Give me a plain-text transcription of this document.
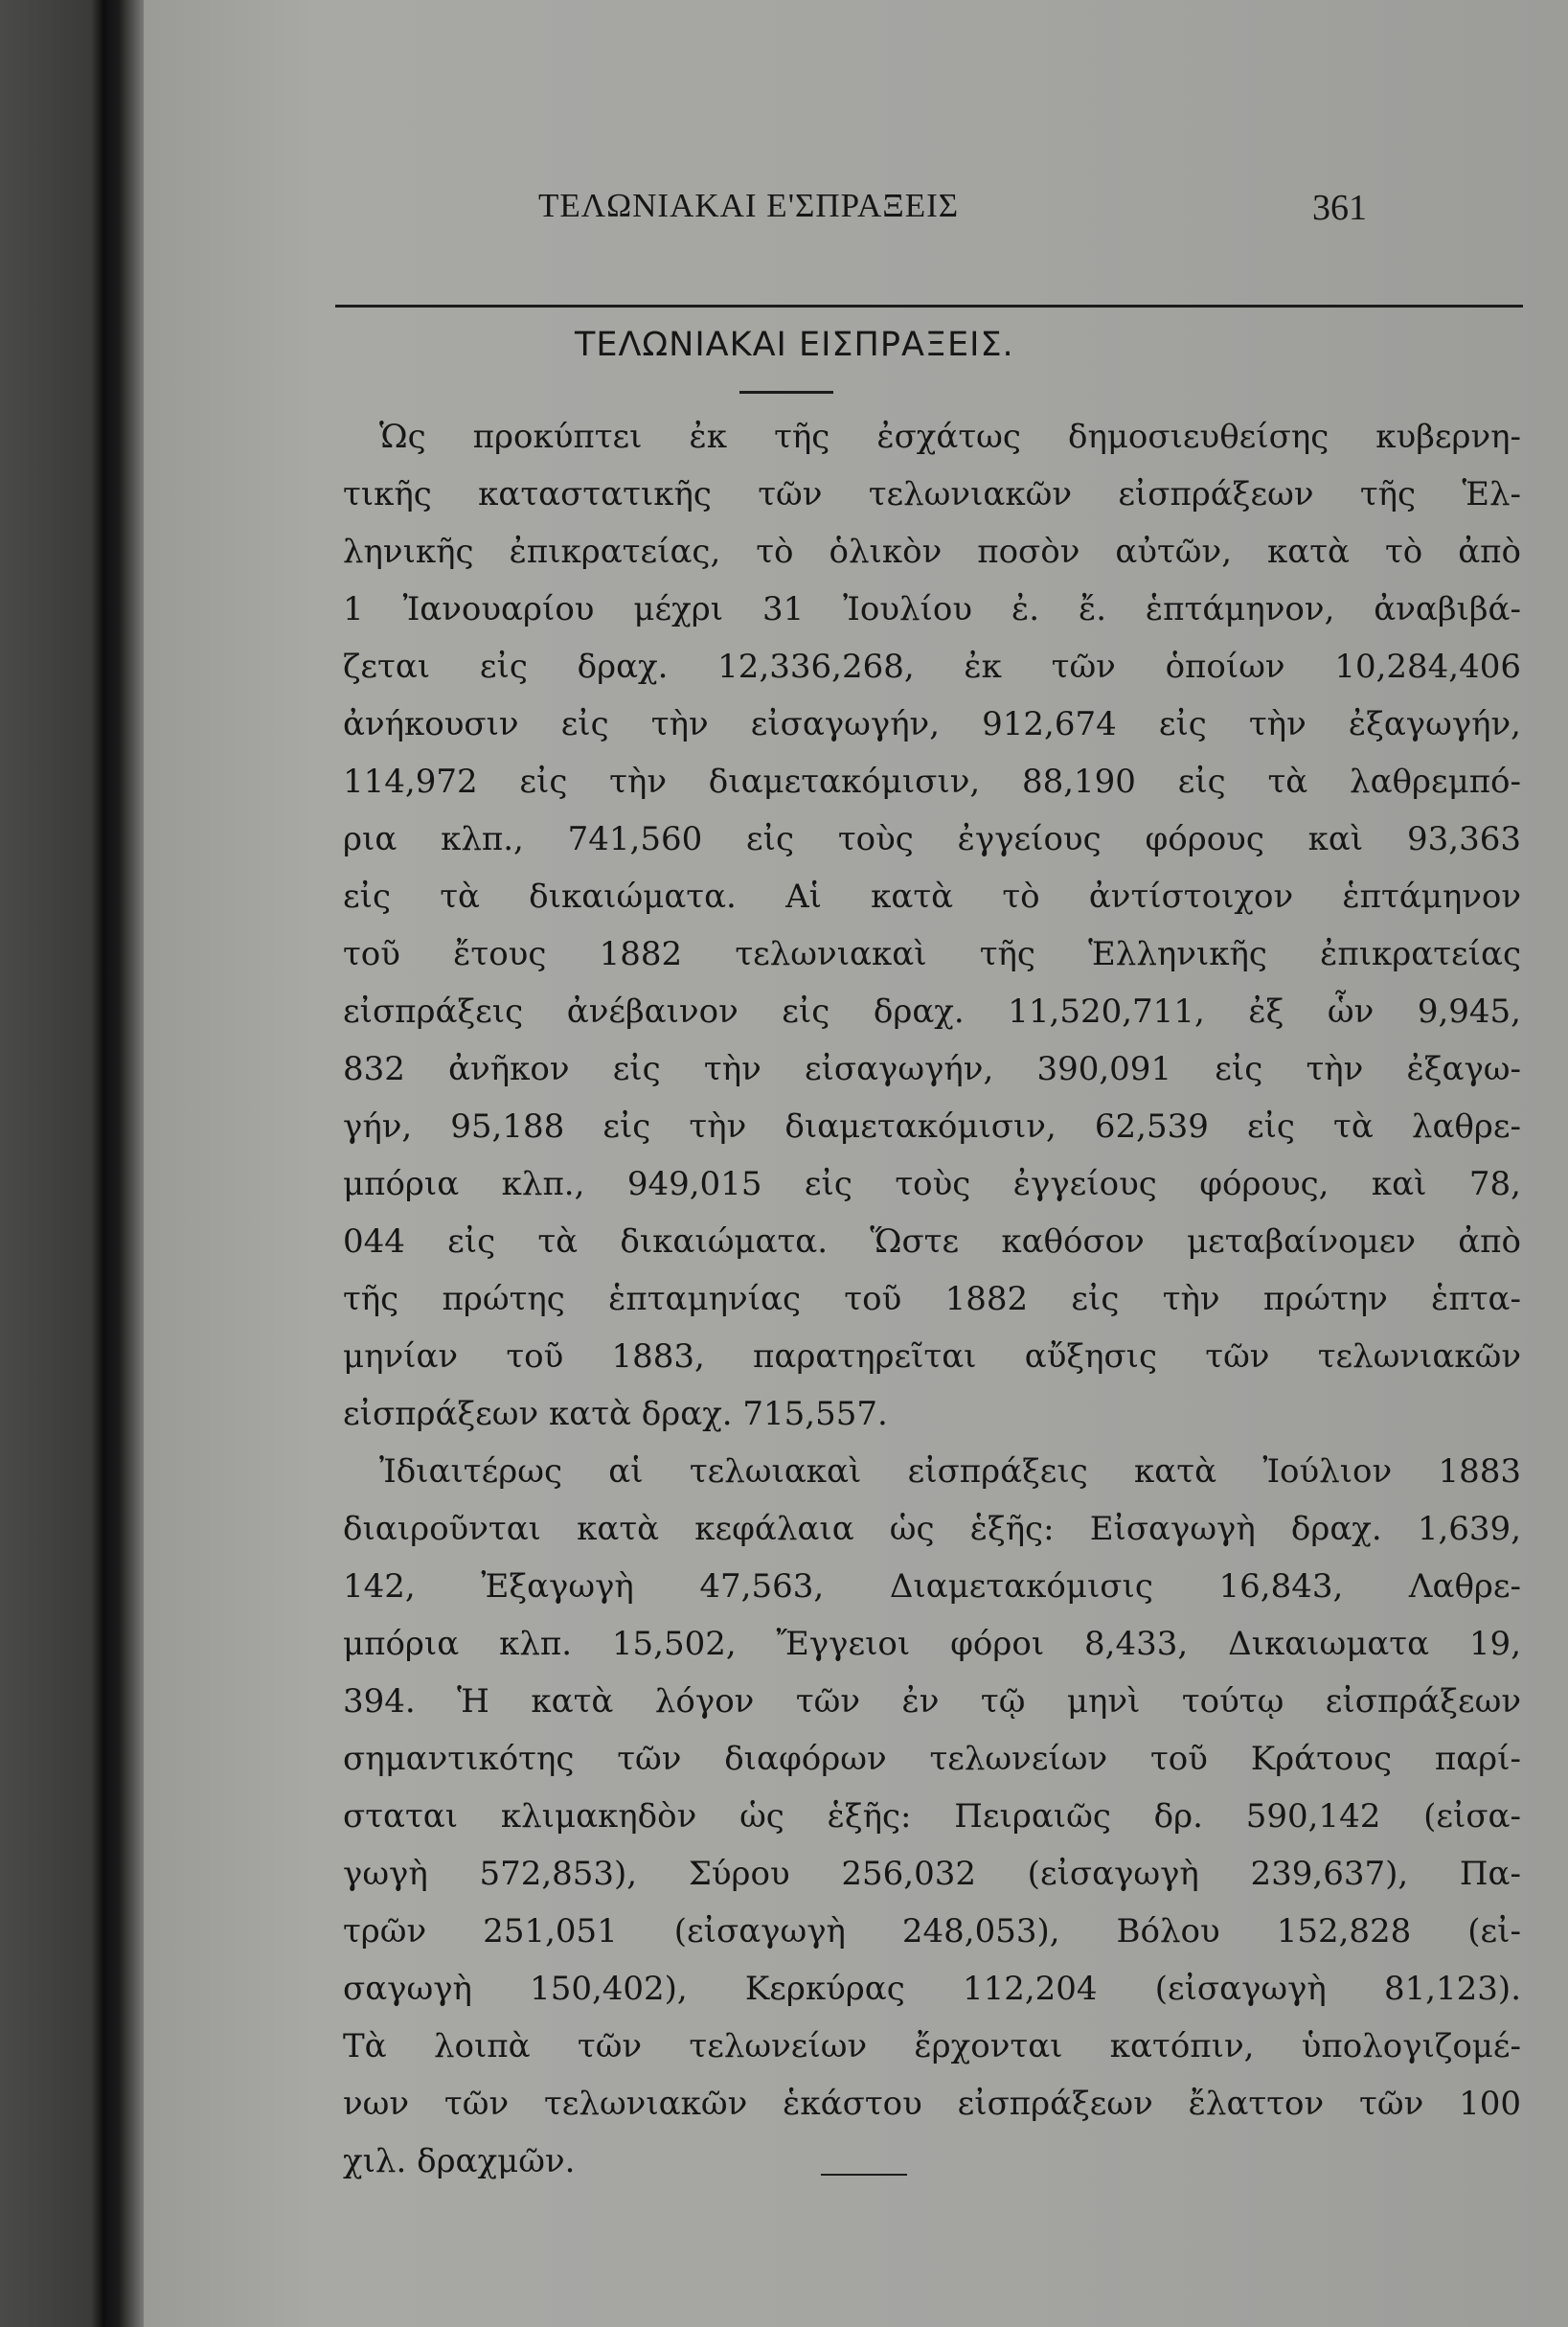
ΤΕΛΩΝΙΑΚΑΙ Ε'ΣΠΡΑΞΕΙΣ	361
ΤΕΛΩΝΙΑΚΑΙ ΕΙΣΠΡΑΞΕΙΣ.
Ὡς προκύπτει ἐκ τῆς ἐσχάτως δημοσιευθείσης κυβερνη-
τικῆς καταστατικῆς τῶν τελωνιακῶν εἰσπράξεων τῆς Ἑλ-
ληνικῆς ἐπικρατείας, τὸ ὁλικὸν ποσὸν αὐτῶν, κατὰ τὸ ἀπὸ
1 Ἰανουαρίου μέχρι 31 Ἰουλίου ἐ. ἔ. ἑπτάμηνον, ἀναβιβά-
ζεται εἰς δραχ. 12,336,268, ἐκ τῶν ὁποίων 10,284,406
ἀνήκουσιν εἰς τὴν εἰσαγωγήν, 912,674 εἰς τὴν ἐξαγωγήν,
114,972 εἰς τὴν διαμετακόμισιν, 88,190 εἰς τὰ λαθρεμπό-
ρια κλπ., 741,560 εἰς τοὺς ἐγγείους φόρους καὶ 93,363
εἰς τὰ δικαιώματα. Αἱ κατὰ τὸ ἀντίστοιχον ἑπτάμηνον
τοῦ ἔτους 1882 τελωνιακαὶ τῆς Ἑλληνικῆς ἐπικρατείας
εἰσπράξεις ἀνέβαινον εἰς δραχ. 11,520,711, ἐξ ὧν 9,945,
832 ἀνῆκον εἰς τὴν εἰσαγωγήν, 390,091 εἰς τὴν ἐξαγω-
γήν, 95,188 εἰς τὴν διαμετακόμισιν, 62,539 εἰς τὰ λαθρε-
μπόρια κλπ., 949,015 εἰς τοὺς ἐγγείους φόρους, καὶ 78,
044 εἰς τὰ δικαιώματα. Ὥστε καθόσον μεταβαίνομεν ἀπὸ
τῆς πρώτης ἑπταμηνίας τοῦ 1882 εἰς τὴν πρώτην ἑπτα-
μηνίαν τοῦ 1883, παρατηρεῖται αὔξησις τῶν τελωνιακῶν
εἰσπράξεων κατὰ δραχ. 715,557.
Ἰδιαιτέρως αἱ τελωιακαὶ εἰσπράξεις κατὰ Ἰούλιον 1883
διαιροῦνται κατὰ κεφάλαια ὡς ἑξῆς: Εἰσαγωγὴ δραχ. 1,639,
142, Ἐξαγωγὴ 47,563, Διαμετακόμισις 16,843, Λαθρε-
μπόρια κλπ. 15,502, Ἔγγειοι φόροι 8,433, Δικαιωματα 19,
394. Ἡ κατὰ λόγον τῶν ἐν τῷ μηνὶ τούτῳ εἰσπράξεων
σημαντικότης τῶν διαφόρων τελωνείων τοῦ Κράτους παρί-
σταται κλιμακηδὸν ὡς ἑξῆς: Πειραιῶς δρ. 590,142 (εἰσα-
γωγὴ 572,853), Σύρου 256,032 (εἰσαγωγὴ 239,637), Πα-
τρῶν 251,051 (εἰσαγωγὴ 248,053), Βόλου 152,828 (εἰ-
σαγωγὴ 150,402), Κερκύρας 112,204 (εἰσαγωγὴ 81,123).
Τὰ λοιπὰ τῶν τελωνείων ἔρχονται κατόπιν, ὑπολογιζομέ-
νων τῶν τελωνιακῶν ἑκάστου εἰσπράξεων ἔλαττον τῶν 100
χιλ. δραχμῶν.
